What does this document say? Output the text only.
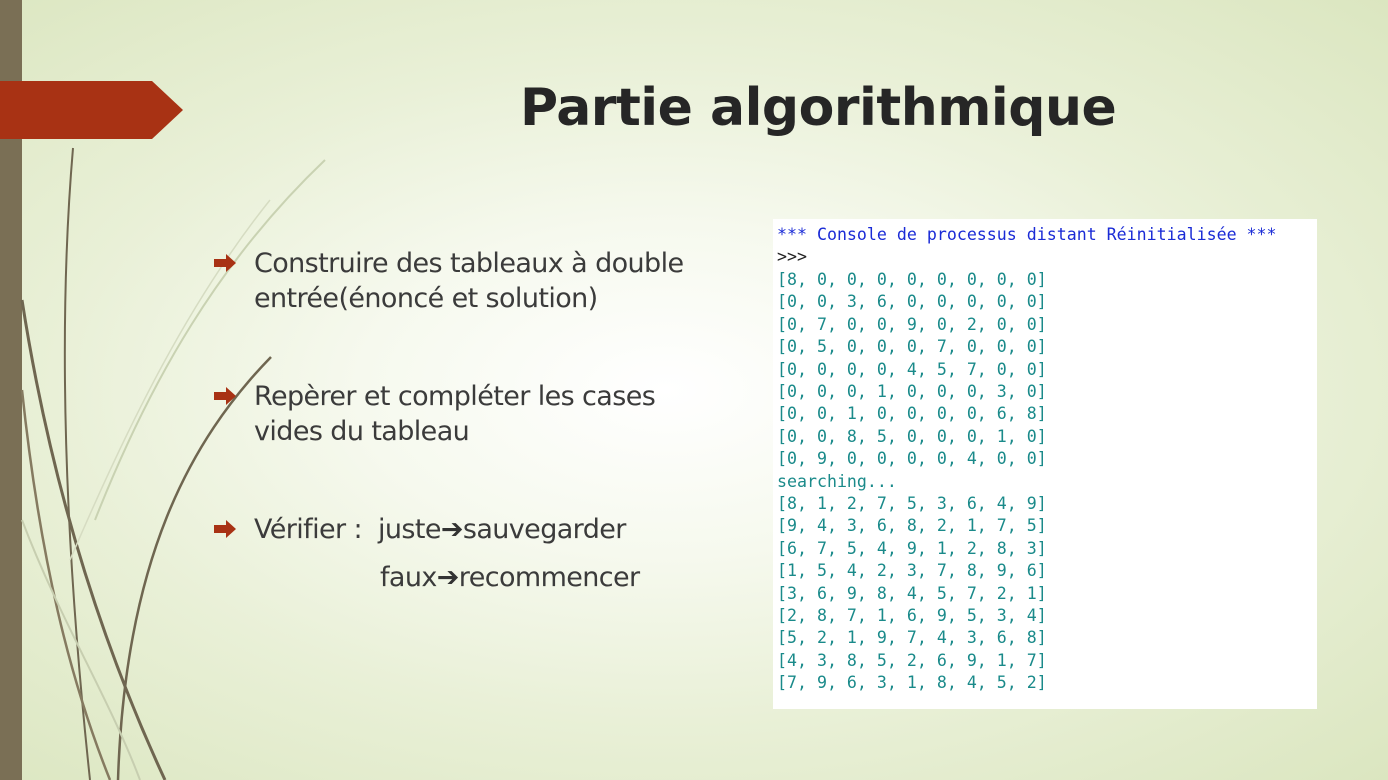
Partie algorithmique
Construire des tableaux à double
entrée(énoncé et solution)
Repèrer et compléter les cases
vides du tableau
Vérifier :  juste➔sauvegarder
faux➔recommencer
*** Console de processus distant Réinitialisée ***
>>>
[8, 0, 0, 0, 0, 0, 0, 0, 0]
[0, 0, 3, 6, 0, 0, 0, 0, 0]
[0, 7, 0, 0, 9, 0, 2, 0, 0]
[0, 5, 0, 0, 0, 7, 0, 0, 0]
[0, 0, 0, 0, 4, 5, 7, 0, 0]
[0, 0, 0, 1, 0, 0, 0, 3, 0]
[0, 0, 1, 0, 0, 0, 0, 6, 8]
[0, 0, 8, 5, 0, 0, 0, 1, 0]
[0, 9, 0, 0, 0, 0, 4, 0, 0]
searching...
[8, 1, 2, 7, 5, 3, 6, 4, 9]
[9, 4, 3, 6, 8, 2, 1, 7, 5]
[6, 7, 5, 4, 9, 1, 2, 8, 3]
[1, 5, 4, 2, 3, 7, 8, 9, 6]
[3, 6, 9, 8, 4, 5, 7, 2, 1]
[2, 8, 7, 1, 6, 9, 5, 3, 4]
[5, 2, 1, 9, 7, 4, 3, 6, 8]
[4, 3, 8, 5, 2, 6, 9, 1, 7]
[7, 9, 6, 3, 1, 8, 4, 5, 2]
